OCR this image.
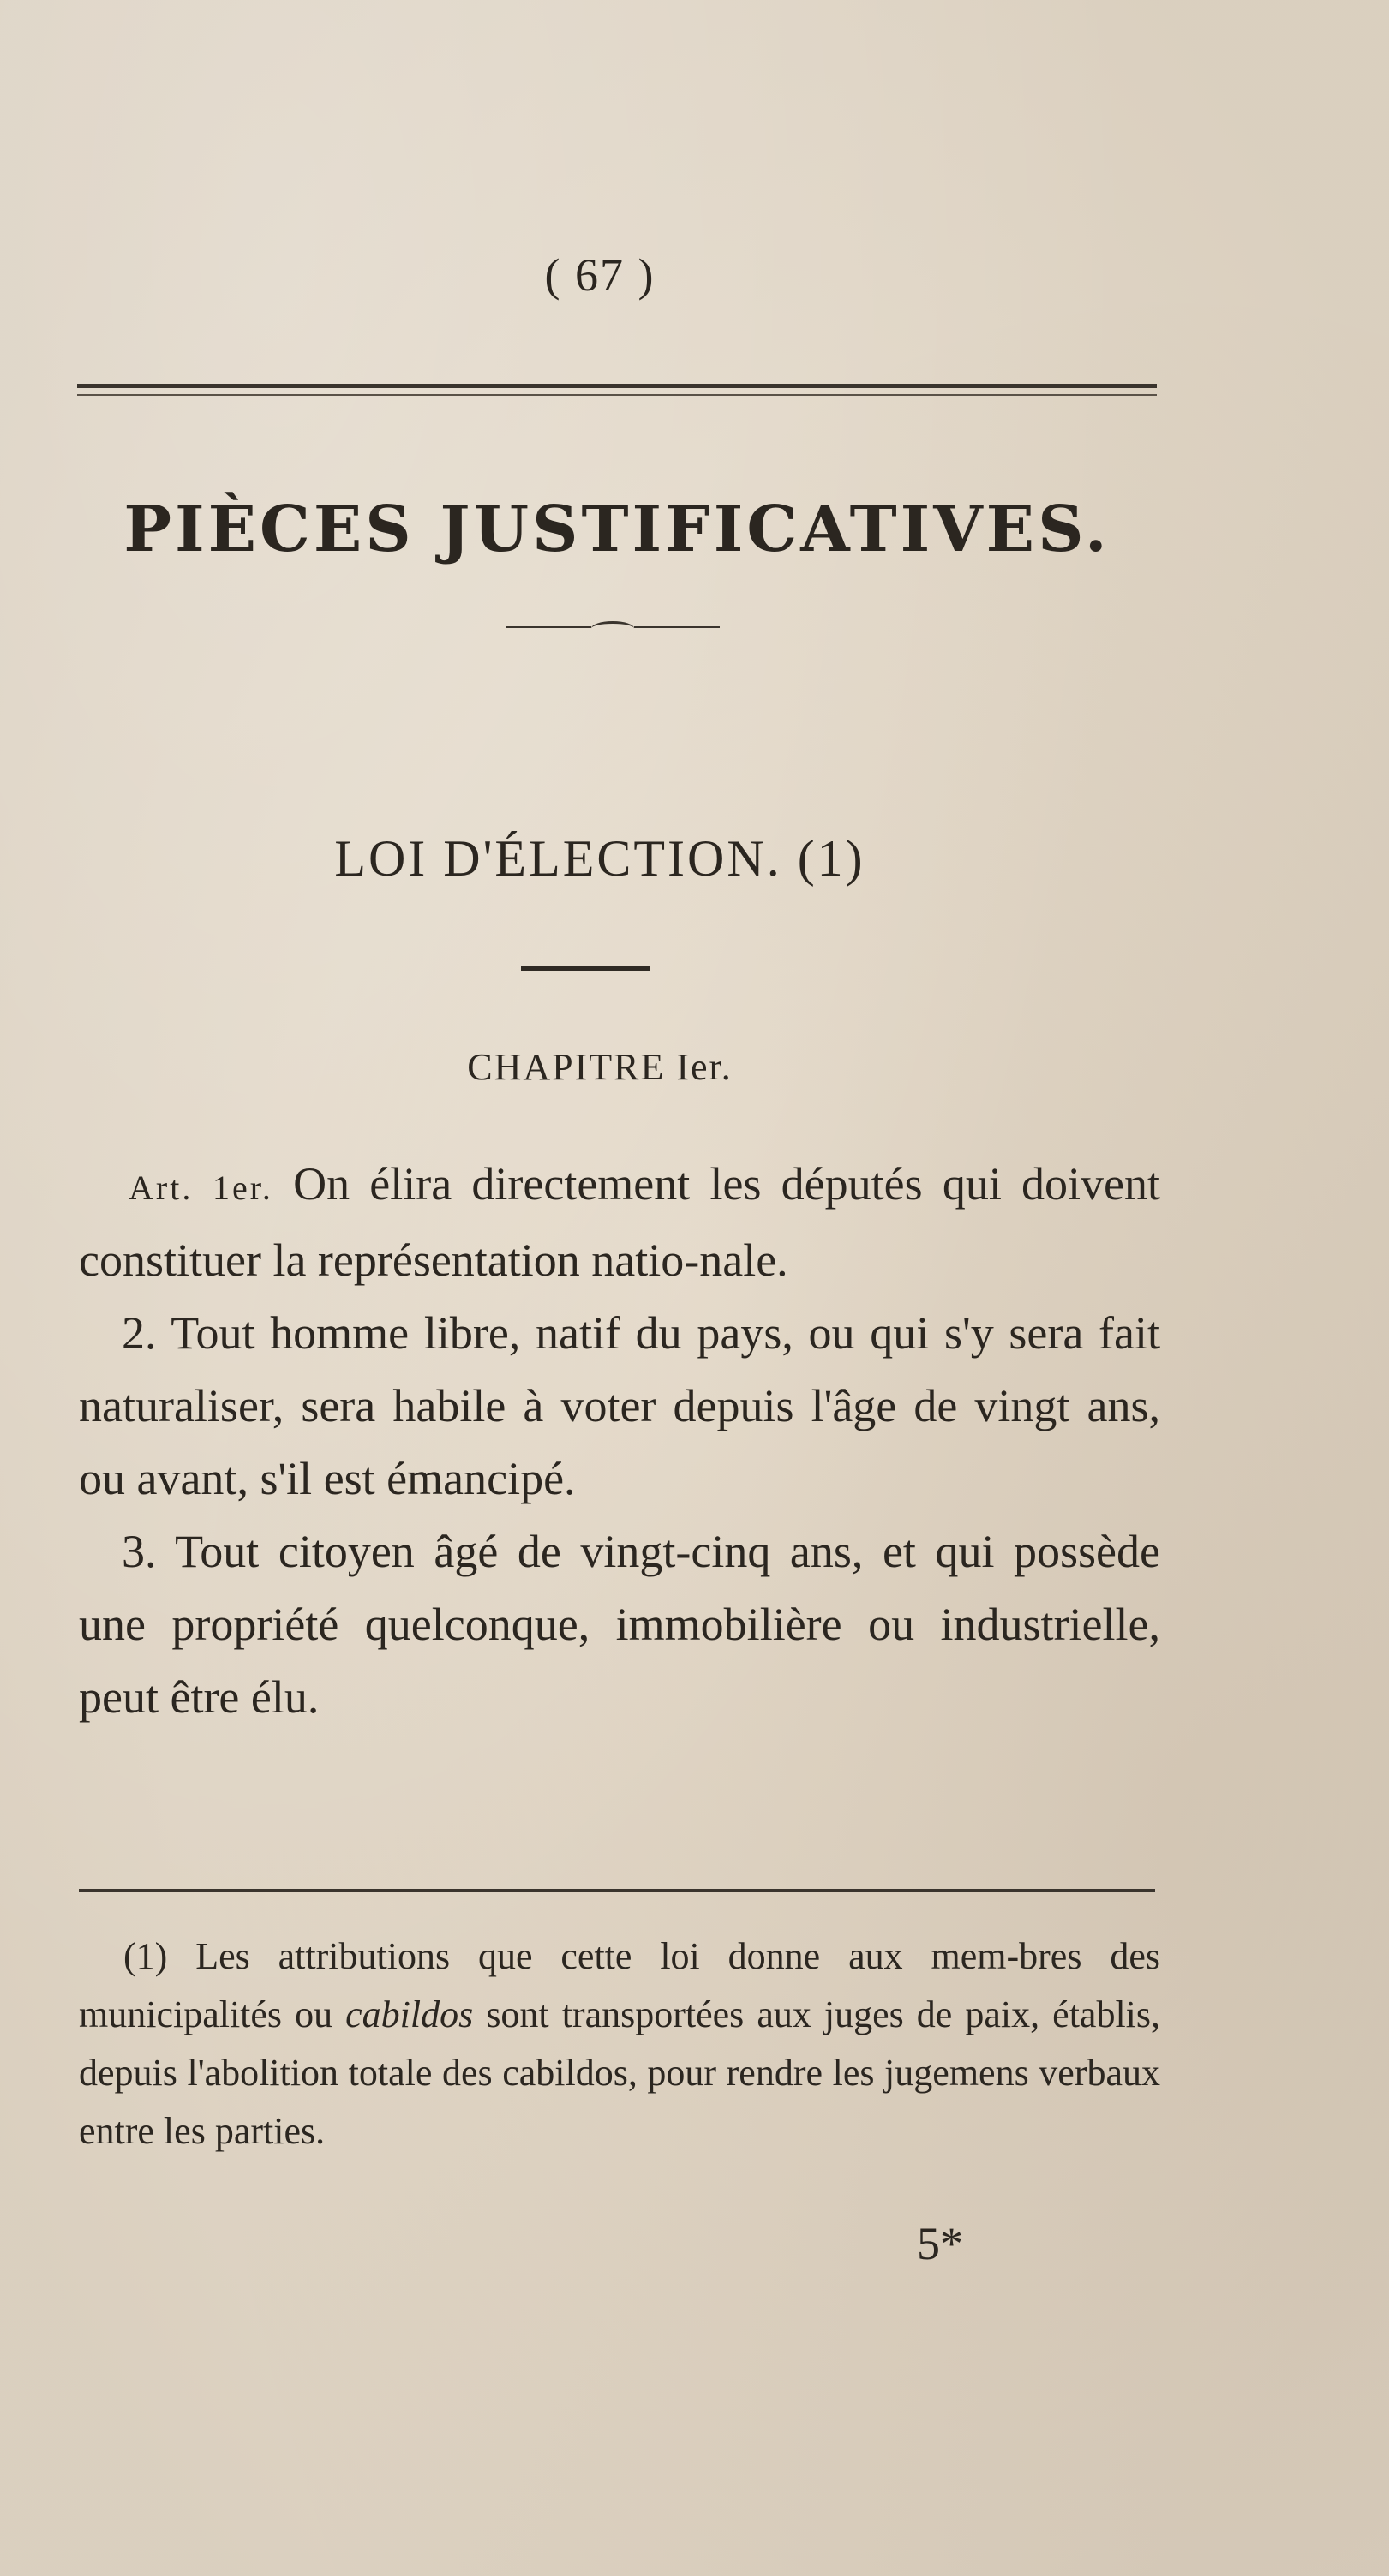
( 67 )
PIÈCES JUSTIFICATIVES.
LOI D'ÉLECTION. (1)
CHAPITRE Ier.

Art. 1er. On élira directement les députés qui doivent constituer la représentation natio-nale.

2. Tout homme libre, natif du pays, ou qui s'y sera fait naturaliser, sera habile à voter depuis l'âge de vingt ans, ou avant, s'il est émancipé.

3. Tout citoyen âgé de vingt-cinq ans, et qui possède une propriété quelconque, immobilière ou industrielle, peut être élu.

(1) Les attributions que cette loi donne aux mem-bres des municipalités ou cabildos sont transportées aux juges de paix, établis, depuis l'abolition totale des cabildos, pour rendre les jugemens verbaux entre les parties.

5*
